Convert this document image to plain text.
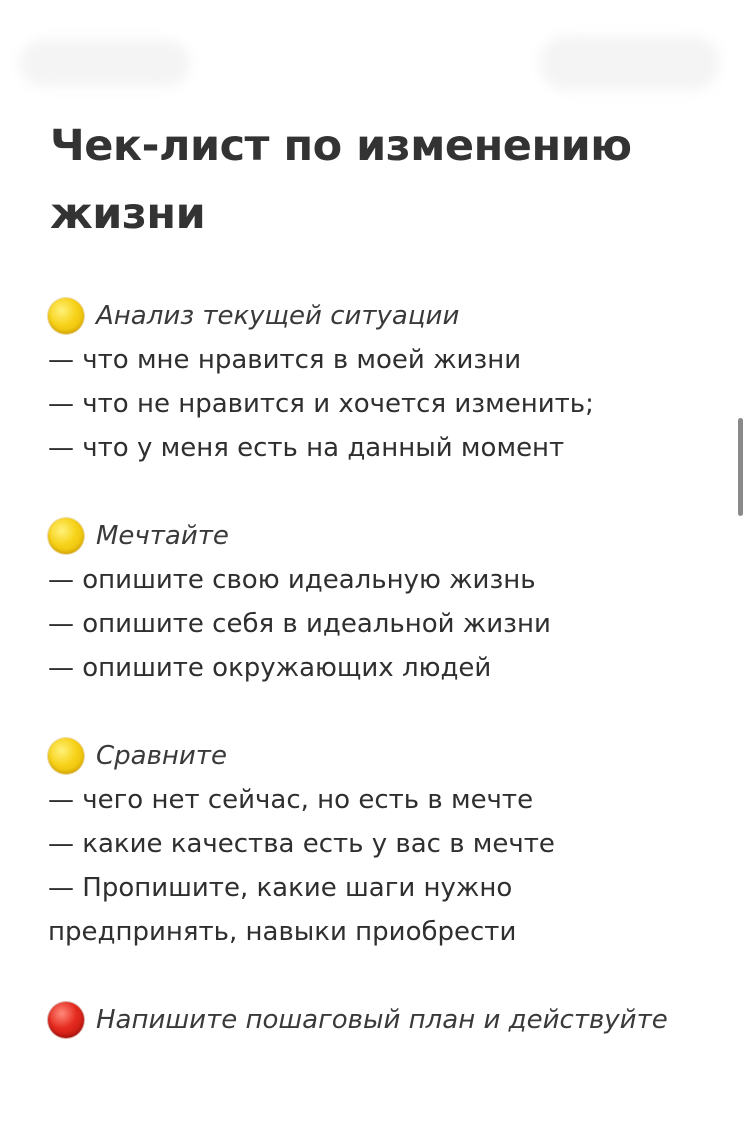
Чек-лист по изменению жизни
Анализ текущей ситуации
— что мне нравится в моей жизни
— что не нравится и хочется изменить;
— что у меня есть на данный момент
Мечтайте
— опишите свою идеальную жизнь
— опишите себя в идеальной жизни
— опишите окружающих людей
Сравните
— чего нет сейчас, но есть в мечте
— какие качества есть у вас в мечте
— Пропишите, какие шаги нужно
предпринять, навыки приобрести
Напишите пошаговый план и действуйте
